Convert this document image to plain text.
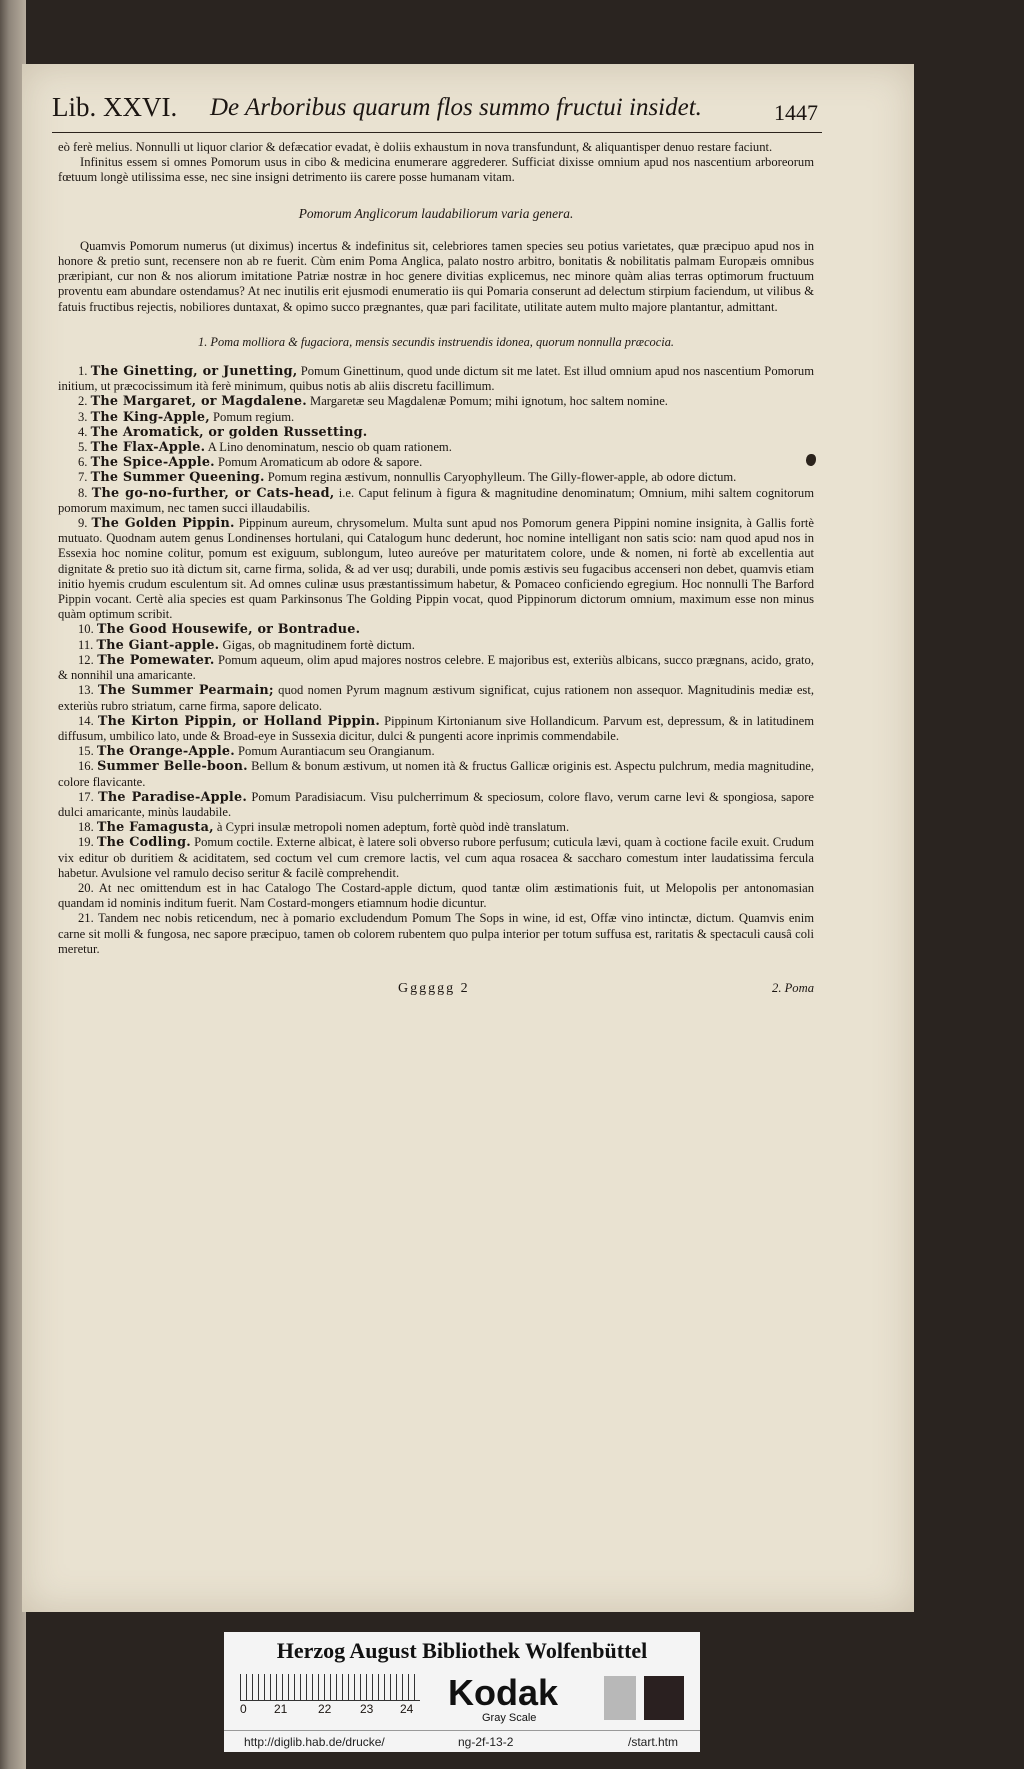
Lib. XXVI. De Arboribus quarum flos summo fructui insidet.	1447

eò ferè melius. Nonnulli ut liquor clarior & defæcatior evadat, è doliis exhaustum in nova transfundunt, & aliquantisper denuo restare faciunt.

Infinitus essem si omnes Pomorum usus in cibo & medicina enumerare aggrederer. Sufficiat dixisse omnium apud nos nascentium arboreorum fœtuum longè utilissima esse, nec sine insigni detrimento iis carere posse humanam vitam.

Pomorum Anglicorum laudabiliorum varia genera.

Quamvis Pomorum numerus (ut diximus) incertus & indefinitus sit, celebriores tamen species seu potius varietates, quæ præcipuo apud nos in honore & pretio sunt, recensere non ab re fuerit. Cùm enim Poma Anglica, palato nostro arbitro, bonitatis & nobilitatis palmam Europæis omnibus præripiant, cur non & nos aliorum imitatione Patriæ nostræ in hoc genere divitias explicemus, nec minore quàm alias terras optimorum fructuum proventu eam abundare ostendamus? At nec inutilis erit ejusmodi enumeratio iis qui Pomaria conserunt ad delectum stirpium faciendum, ut vilibus & fatuis fructibus rejectis, nobiliores duntaxat, & opimo succo prægnantes, quæ pari facilitate, utilitate autem multo majore plantantur, admittant.

1. Poma molliora & fugaciora, mensis secundis instruendis idonea, quorum nonnulla præcocia.

1. The Ginetting, or Junetting, Pomum Ginettinum, quod unde dictum sit me latet. Est illud omnium apud nos nascentium Pomorum initium, ut præcocissimum ità ferè minimum, quibus notis ab aliis discretu facillimum.

2. The Margaret, or Magdalene. Margaretæ seu Magdalenæ Pomum; mihi ignotum, hoc saltem nomine.

3. The King-Apple, Pomum regium.

4. The Aromatick, or golden Russetting.

5. The Flax-Apple. A Lino denominatum, nescio ob quam rationem.

6. The Spice-Apple. Pomum Aromaticum ab odore & sapore.

7. The Summer Queening. Pomum regina æstivum, nonnullis Caryophylleum. The Gilly-flower-apple, ab odore dictum.

8. The go-no-further, or Cats-head, i.e. Caput felinum à figura & magnitudine denominatum; Omnium, mihi saltem cognitorum pomorum maximum, nec tamen succi illaudabilis.

9. The Golden Pippin. Pippinum aureum, chrysomelum. Multa sunt apud nos Pomorum genera Pippini nomine insignita, à Gallis fortè mutuato. Quodnam autem genus Londinenses hortulani, qui Catalogum hunc dederunt, hoc nomine intelligant non satis scio: nam quod apud nos in Essexia hoc nomine colitur, pomum est exiguum, sublongum, luteo aureóve per maturitatem colore, unde & nomen, ni fortè ab excellentia aut dignitate & pretio suo ità dictum sit, carne firma, solida, & ad ver usq; durabili, unde pomis æstivis seu fugacibus accenseri non debet, quamvis etiam initio hyemis crudum esculentum sit. Ad omnes culinæ usus præstantissimum habetur, & Pomaceo conficiendo egregium. Hoc nonnulli The Barford Pippin vocant. Certè alia species est quam Parkinsonus The Golding Pippin vocat, quod Pippinorum dictorum omnium, maximum esse non minus quàm optimum scribit.

10. The Good Housewife, or Bontradue.

11. The Giant-apple. Gigas, ob magnitudinem fortè dictum.

12. The Pomewater. Pomum aqueum, olim apud majores nostros celebre. E majoribus est, exteriùs albicans, succo prægnans, acido, grato, & nonnihil una amaricante.

13. The Summer Pearmain; quod nomen Pyrum magnum æstivum significat, cujus rationem non assequor. Magnitudinis mediæ est, exteriùs rubro striatum, carne firma, sapore delicato.

14. The Kirton Pippin, or Holland Pippin. Pippinum Kirtonianum sive Hollandicum. Parvum est, depressum, & in latitudinem diffusum, umbilico lato, unde & Broad-eye in Sussexia dicitur, dulci & pungenti acore inprimis commendabile.

15. The Orange-Apple. Pomum Aurantiacum seu Orangianum.

16. Summer Belle-boon. Bellum & bonum æstivum, ut nomen ità & fructus Gallicæ originis est. Aspectu pulchrum, media magnitudine, colore flavicante.

17. The Paradise-Apple. Pomum Paradisiacum. Visu pulcherrimum & speciosum, colore flavo, verum carne levi & spongiosa, sapore dulci amaricante, minùs laudabile.

18. The Famagusta, à Cypri insulæ metropoli nomen adeptum, fortè quòd indè translatum.

19. The Codling. Pomum coctile. Externe albicat, è latere soli obverso rubore perfusum; cuticula lævi, quam à coctione facile exuit. Crudum vix editur ob duritiem & aciditatem, sed coctum vel cum cremore lactis, vel cum aqua rosacea & saccharo comestum inter laudatissima fercula habetur. Avulsione vel ramulo deciso seritur & facilè comprehendit.

20. At nec omittendum est in hac Catalogo The Costard-apple dictum, quod tantæ olim æstimationis fuit, ut Melopolis per antonomasian quandam id nominis inditum fuerit. Nam Costard-mongers etiamnum hodie dicuntur.

21. Tandem nec nobis reticendum, nec à pomario excludendum Pomum The Sops in wine, id est, Offæ vino intinctæ, dictum. Quamvis enim carne sit molli & fungosa, nec sapore præcipuo, tamen ob colorem rubentem quo pulpa interior per totum suffusa est, raritatis & spectaculi causâ coli meretur.

Gggggg 2	2. Poma
Herzog August Bibliothek Wolfenbüttel
0 21	22 23 24 Kodak
Gray Scale
http://diglib.hab.de/drucke/	ng-2f-13-2	/start.htm
